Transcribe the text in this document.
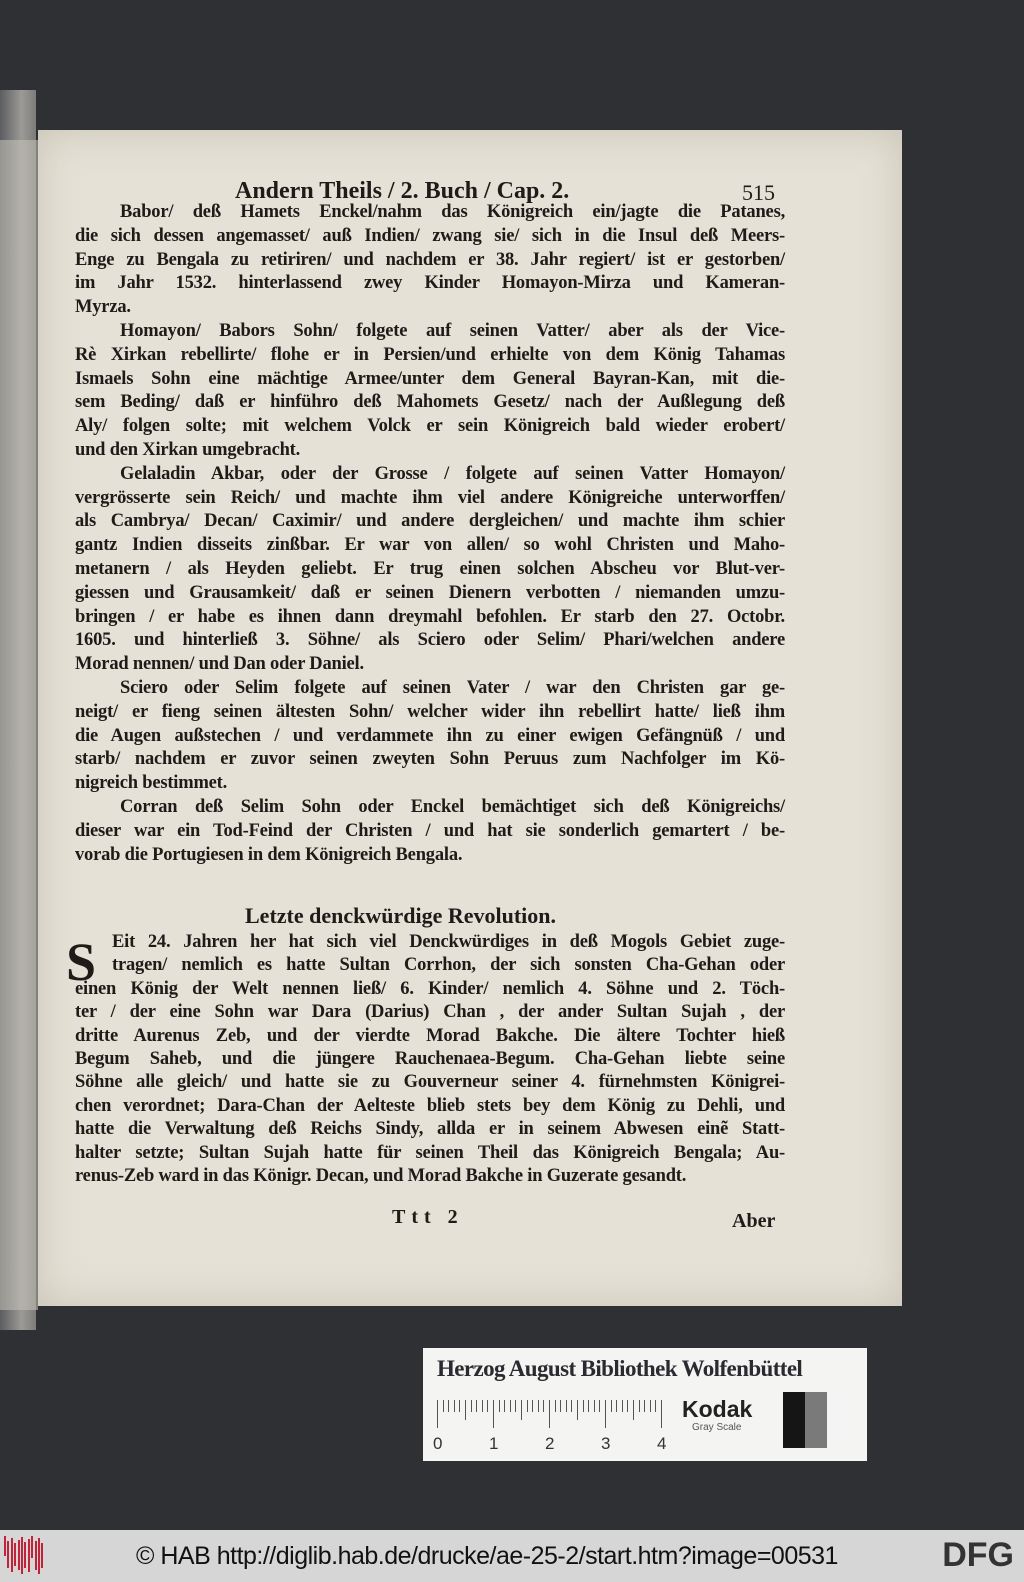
Andern Theils / 2. Buch / Cap. 2.	515
Babor/ deß Hamets Enckel/nahm das Königreich ein/jagte die Patanes,
die sich dessen angemasset/ auß Indien/ zwang sie/ sich in die Insul deß Meers-
Enge zu Bengala zu retiriren/ und nachdem er 38. Jahr regiert/ ist er gestorben/
im Jahr 1532. hinterlassend zwey Kinder Homayon-Mirza und Kameran-
Myrza.
Homayon/ Babors Sohn/ folgete auf seinen Vatter/ aber als der Vice-
Rè Xirkan rebellirte/ flohe er in Persien/und erhielte von dem König Tahamas
Ismaels Sohn eine mächtige Armee/unter dem General Bayran-Kan, mit die-
sem Beding/ daß er hinführo deß Mahomets Gesetz/ nach der Außlegung deß
Aly/ folgen solte; mit welchem Volck er sein Königreich bald wieder erobert/
und den Xirkan umgebracht.
Gelaladin Akbar, oder der Grosse / folgete auf seinen Vatter Homayon/
vergrösserte sein Reich/ und machte ihm viel andere Königreiche unterworffen/
als Cambrya/ Decan/ Caximir/ und andere dergleichen/ und machte ihm schier
gantz Indien disseits zinßbar. Er war von allen/ so wohl Christen und Maho-
metanern / als Heyden geliebt. Er trug einen solchen Abscheu vor Blut-ver-
giessen und Grausamkeit/ daß er seinen Dienern verbotten / niemanden umzu-
bringen / er habe es ihnen dann dreymahl befohlen. Er starb den 27. Octobr.
1605. und hinterließ 3. Söhne/ als Sciero oder Selim/ Phari/welchen andere
Morad nennen/ und Dan oder Daniel.
Sciero oder Selim folgete auf seinen Vater / war den Christen gar ge-
neigt/ er fieng seinen ältesten Sohn/ welcher wider ihn rebellirt hatte/ ließ ihm
die Augen außstechen / und verdammete ihn zu einer ewigen Gefängnüß / und
starb/ nachdem er zuvor seinen zweyten Sohn Peruus zum Nachfolger im Kö-
nigreich bestimmet.
Corran deß Selim Sohn oder Enckel bemächtiget sich deß Königreichs/
dieser war ein Tod-Feind der Christen / und hat sie sonderlich gemartert / be-
vorab die Portugiesen in dem Königreich Bengala.
Eit 24. Jahren her hat sich viel Denckwürdiges in deß Mogols Gebiet zuge-
tragen/ nemlich es hatte Sultan Corrhon, der sich sonsten Cha-Gehan oder
einen König der Welt nennen ließ/ 6. Kinder/ nemlich 4. Söhne und 2. Töch-
ter / der eine Sohn war Dara (Darius) Chan , der ander Sultan Sujah , der
dritte Aurenus Zeb, und der vierdte Morad Bakche. Die ältere Tochter hieß
Begum Saheb, und die jüngere Rauchenaea-Begum. Cha-Gehan liebte seine
Söhne alle gleich/ und hatte sie zu Gouverneur seiner 4. fürnehmsten Königrei-
chen verordnet; Dara-Chan der Aelteste blieb stets bey dem König zu Dehli, und
hatte die Verwaltung deß Reichs Sindy, allda er in seinem Abwesen einẽ Statt-
halter setzte; Sultan Sujah hatte für seinen Theil das Königreich Bengala; Au-
renus-Zeb ward in das Königr. Decan, und Morad Bakche in Guzerate gesandt.
Letzte denckwürdige Revolution.
S
Ttt 2	Aber
Herzog August Bibliothek Wolfenbüttel
0	1	2	3	4
Kodak
Gray Scale
© HAB http://diglib.hab.de/drucke/ae-25-2/start.htm?image=00531	DFG
